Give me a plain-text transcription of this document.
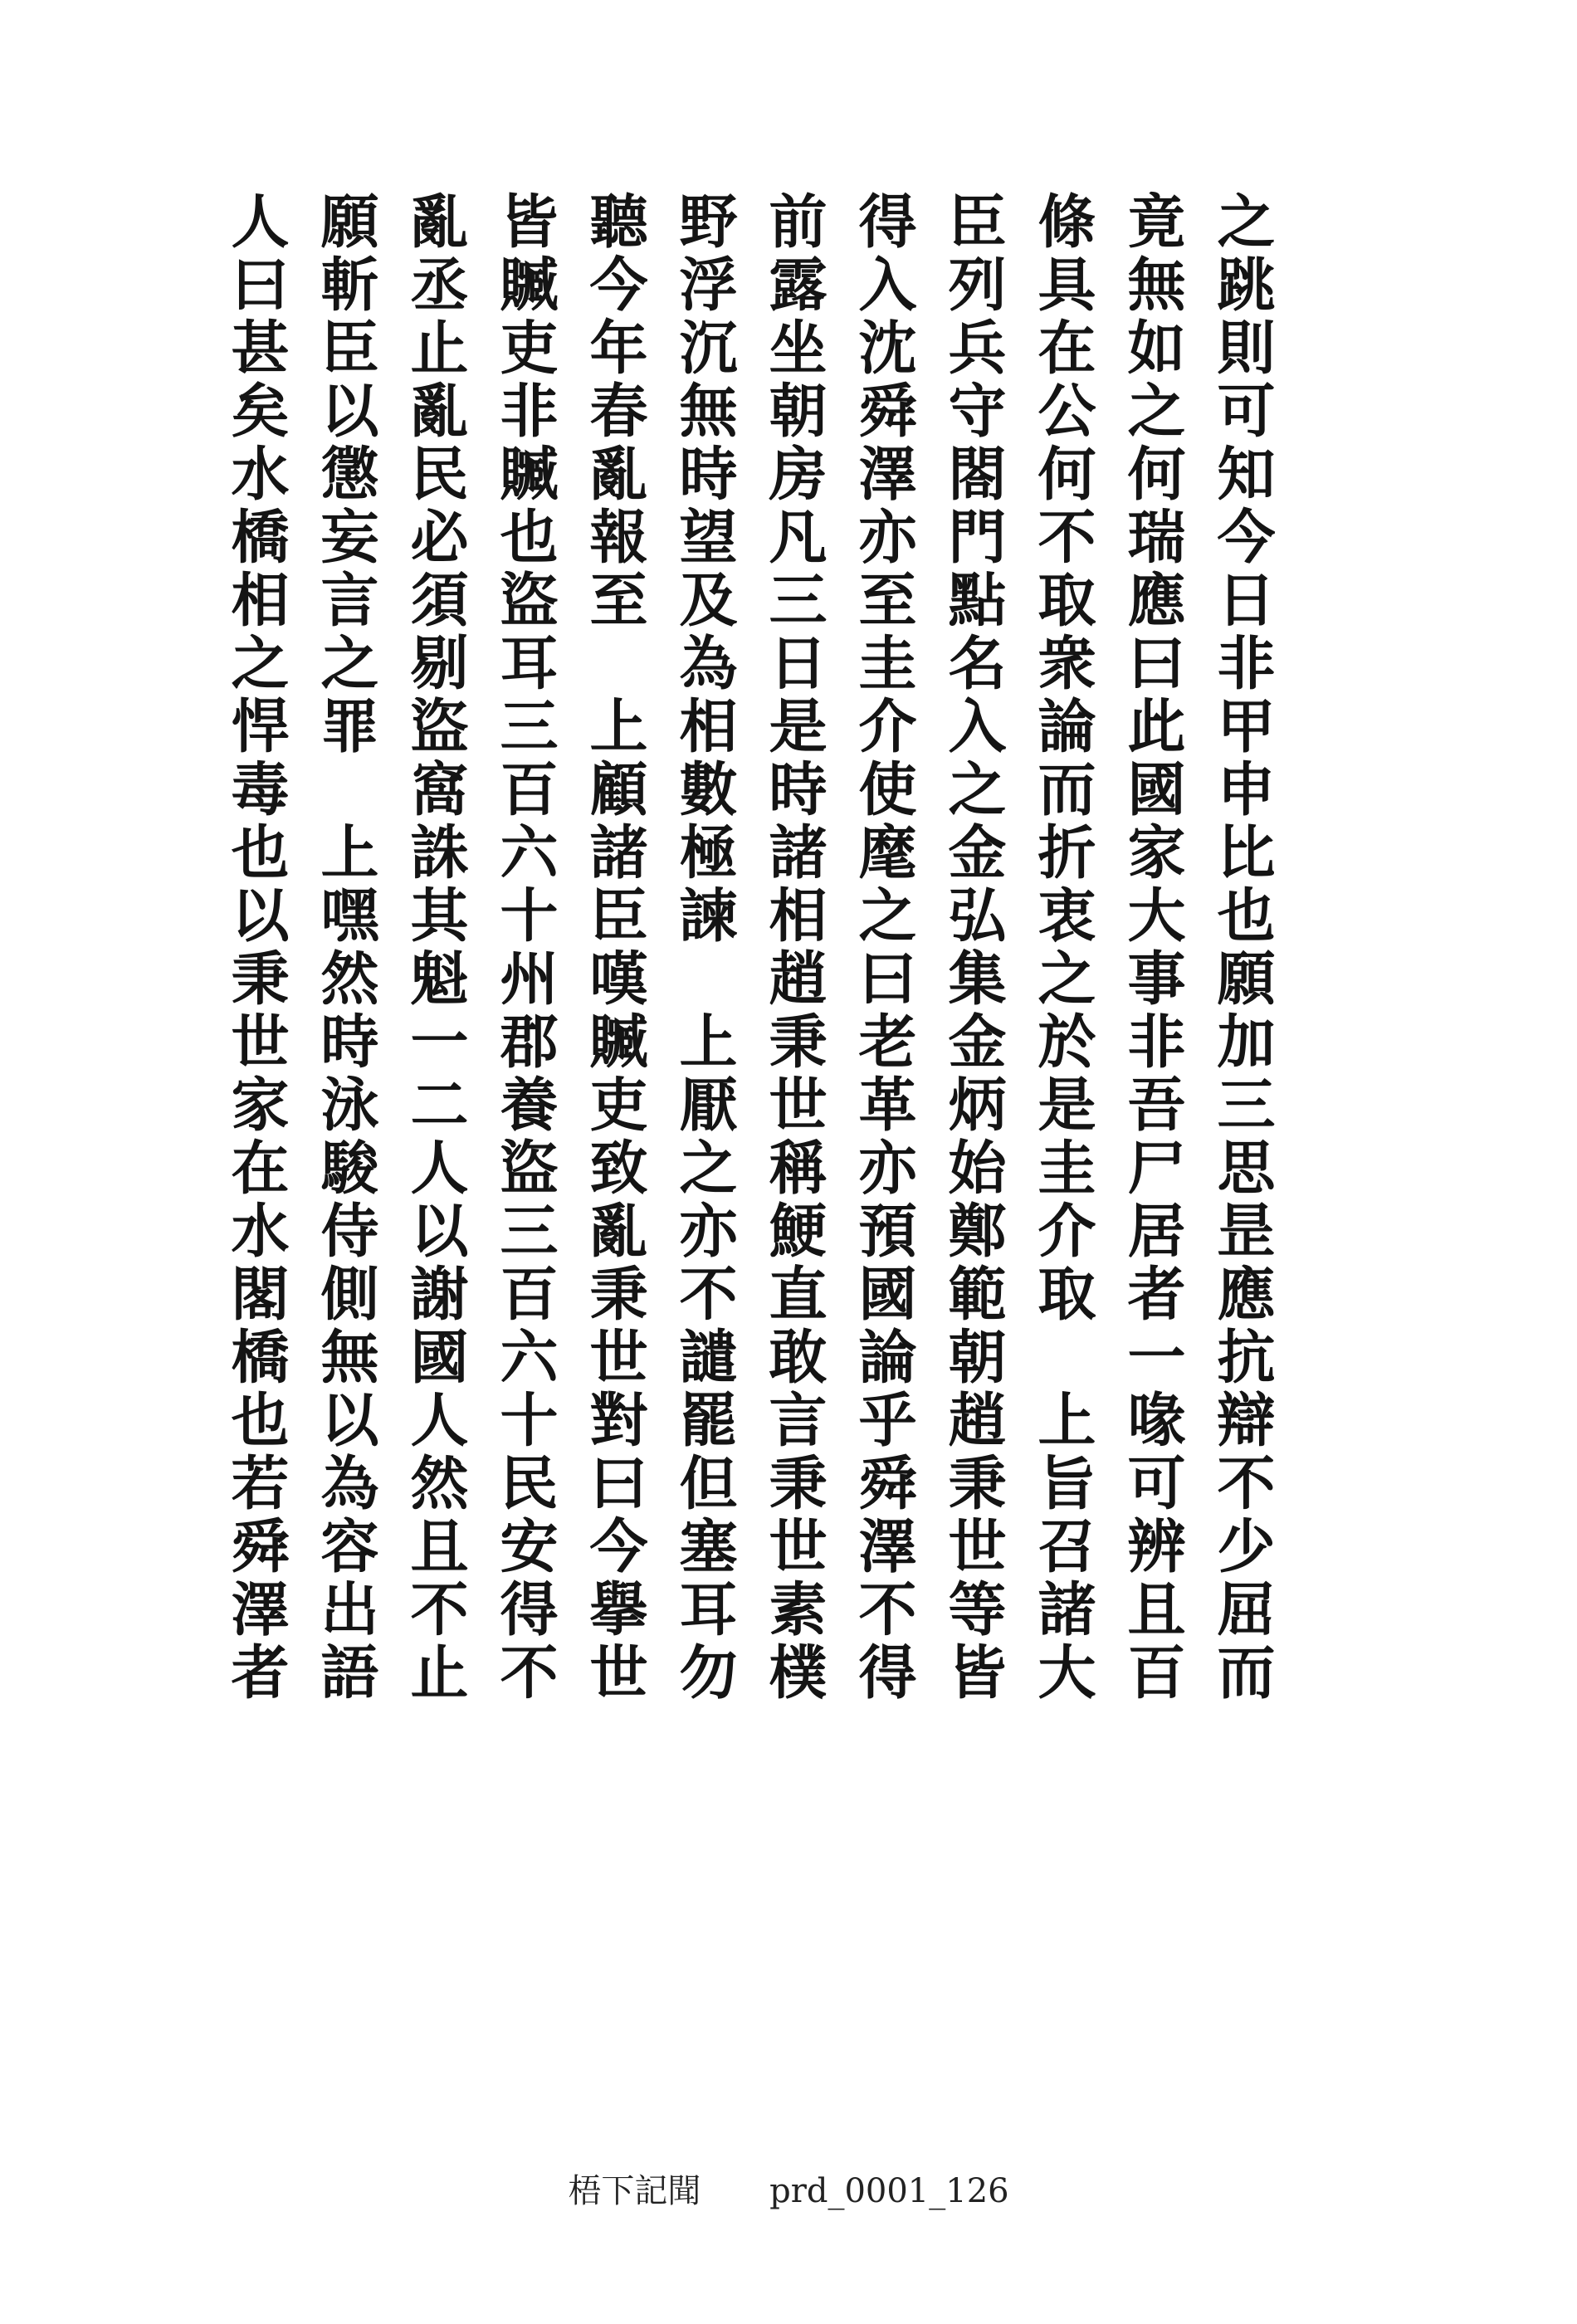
之跳則可知今日非甲申比也願加三思昰應抗辯不少屈而

竟無如之何瑞應曰此國家大事非吾尸居者一喙可辨且百

條具在公何不取衆論而折衷之於是圭介取　上旨召諸大

臣列兵守閤門點名入之金弘集金炳始鄭範朝趙秉世等皆

得入沈舜澤亦至圭介使麾之曰老革亦預國論乎舜澤不得

前露坐朝房凡三日是時諸相趙秉世稱鯁直敢言秉世素樸

野浮沉無時望及為相數極諫　上厭之亦不譴罷但塞耳勿

聽今年春亂報至　上顧諸臣嘆贓吏致亂秉世對曰今擧世

皆贓吏非贓也盜耳三百六十州郡養盜三百六十民安得不

亂丞止亂民必須剔盜窩誅其魁一二人以謝國人然且不止

願斬臣以懲妄言之罪　上嘿然時泳駿侍側無以為容出語

人曰甚矣水橋相之悍毒也以秉世家在水閣橋也若舜澤者

梧下記聞 prd_0001_126
